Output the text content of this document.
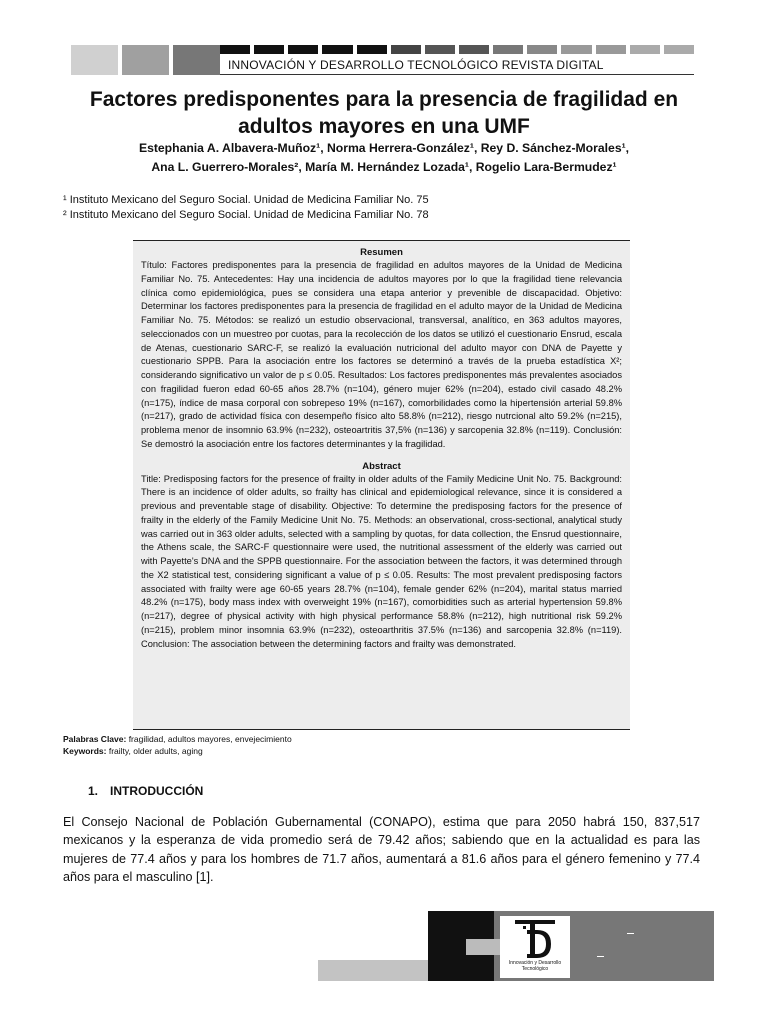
INNOVACIÓN Y DESARROLLO TECNOLÓGICO REVISTA DIGITAL
Factores predisponentes para la presencia de fragilidad en adultos mayores en una UMF
Estephania A. Albavera-Muñoz¹, Norma Herrera-González¹, Rey D. Sánchez-Morales¹,
Ana L. Guerrero-Morales², María M. Hernández Lozada¹, Rogelio Lara-Bermudez¹
¹ Instituto Mexicano del Seguro Social. Unidad de Medicina Familiar No. 75
² Instituto Mexicano del Seguro Social. Unidad de Medicina Familiar No. 78
Resumen

Título: Factores predisponentes para la presencia de fragilidad en adultos mayores de la Unidad de Medicina Familiar No. 75. Antecedentes: Hay una incidencia de adultos mayores por lo que la fragilidad tiene relevancia clínica como epidemiológica, pues se considera una etapa anterior y prevenible de discapacidad. Objetivo: Determinar los factores predisponentes para la presencia de fragilidad en el adulto mayor de la Unidad de Medicina Familiar No. 75. Métodos: se realizó un estudio observacional, transversal, analítico, en 363 adultos mayores, seleccionados con un muestreo por cuotas, para la recolección de los datos se utilizó el cuestionario Ensrud, escala de Atenas, cuestionario SARC-F, se realizó la evaluación nutricional del adulto mayor con DNA de Payette y cuestionario SPPB. Para la asociación entre los factores se determinó a través de la prueba estadística X²; considerando significativo un valor de p ≤ 0.05. Resultados: Los factores predisponentes más prevalentes asociados con fragilidad fueron edad 60-65 años 28.7% (n=104), género mujer 62% (n=204), estado civil casado 48.2% (n=175), índice de masa corporal con sobrepeso 19% (n=167), comorbilidades como la hipertensión arterial 59.8% (n=217), grado de actividad física con desempeño físico alto 58.8% (n=212), riesgo nutrcional alto 59.2% (n=215), problema menor de insomnio 63.9% (n=232), osteoartritis 37,5% (n=136) y sarcopenia 32.8% (n=119). Conclusión: Se demostró la asociación entre los factores determinantes y la fragilidad.

Abstract

Title: Predisposing factors for the presence of frailty in older adults of the Family Medicine Unit No. 75. Background: There is an incidence of older adults, so frailty has clinical and epidemiological relevance, since it is considered a previous and preventable stage of disability. Objective: To determine the predisposing factors for the presence of frailty in the elderly of the Family Medicine Unit No. 75. Methods: an observational, cross-sectional, analytical study was carried out in 363 older adults, selected with a sampling by quotas, for data collection, the Ensrud questionnaire, the Athens scale, the SARC-F questionnaire were used, the nutritional assessment of the elderly was carried out with Payette's DNA and the SPPB questionnaire. For the association between the factors, it was determined through the X2 statistical test, considering significant a value of p ≤ 0.05. Results: The most prevalent predisposing factors associated with frailty were age 60-65 years 28.7% (n=104), female gender 62% (n=204), marital status married 48.2% (n=175), body mass index with overweight 19% (n=167), comorbidities such as arterial hypertension 59.8% (n=217), degree of physical activity with high physical performance 58.8% (n=212), high nutritional risk 59.2% (n=215), problem minor insomnia 63.9% (n=232), osteoarthritis 37.5% (n=136) and sarcopenia 32.8% (n=119). Conclusion: The association between the determining factors and frailty was demonstrated.

Palabras Clave: fragilidad, adultos mayores, envejecimiento
Keywords: frailty, older adults, aging
1. INTRODUCCIÓN
El Consejo Nacional de Población Gubernamental (CONAPO), estima que para 2050 habrá 150, 837,517 mexicanos y la esperanza de vida promedio será de 79.42 años; sabiendo que en la actualidad es para las mujeres de 77.4 años y para los hombres de 71.7 años, aumentará a 81.6 años para el género femenino y 77.4 años para el masculino [1].
Innovación y Desarrollo
Tecnológico
